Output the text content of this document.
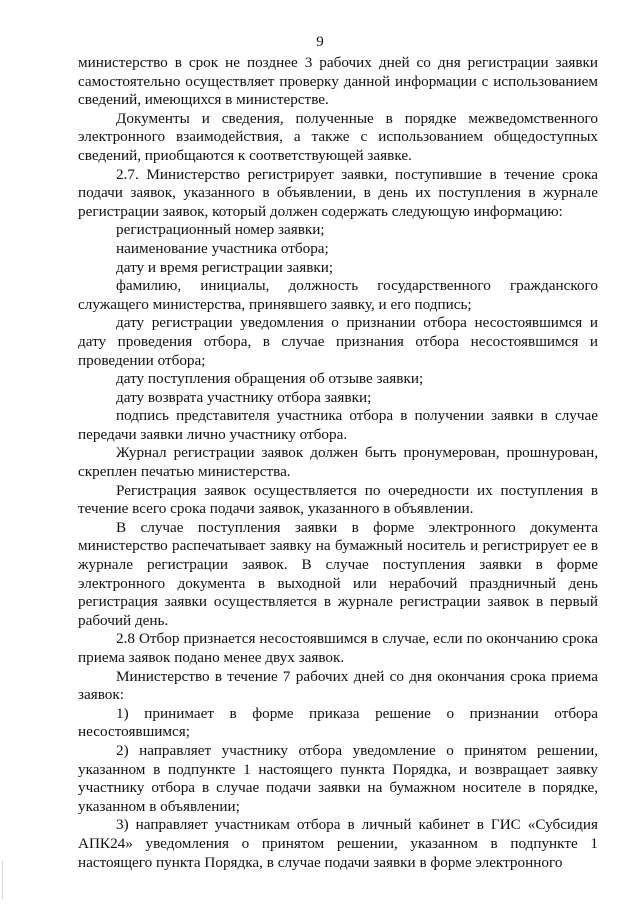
9

министерство в срок не позднее 3 рабочих дней со дня регистрации заявки самостоятельно осуществляет проверку данной информации с использованием сведений, имеющихся в министерстве.

Документы и сведения, полученные в порядке межведомственного электронного взаимодействия, а также с использованием общедоступных сведений, приобщаются к соответствующей заявке.

2.7. Министерство регистрирует заявки, поступившие в течение срока подачи заявок, указанного в объявлении, в день их поступления в журнале регистрации заявок, который должен содержать следующую информацию:

регистрационный номер заявки;

наименование участника отбора;

дату и время регистрации заявки;

фамилию, инициалы, должность государственного гражданского служащего министерства, принявшего заявку, и его подпись;

дату регистрации уведомления о признании отбора несостоявшимся и дату проведения отбора, в случае признания отбора несостоявшимся и проведении отбора;

дату поступления обращения об отзыве заявки;

дату возврата участнику отбора заявки;

подпись представителя участника отбора в получении заявки в случае передачи заявки лично участнику отбора.

Журнал регистрации заявок должен быть пронумерован, прошнурован, скреплен печатью министерства.

Регистрация заявок осуществляется по очередности их поступления в течение всего срока подачи заявок, указанного в объявлении.

В случае поступления заявки в форме электронного документа министерство распечатывает заявку на бумажный носитель и регистрирует ее в журнале регистрации заявок. В случае поступления заявки в форме электронного документа в выходной или нерабочий праздничный день регистрация заявки осуществляется в журнале регистрации заявок в первый рабочий день.

2.8 Отбор признается несостоявшимся в случае, если по окончанию срока приема заявок подано менее двух заявок.

Министерство в течение 7 рабочих дней со дня окончания срока приема заявок:

1) принимает в форме приказа решение о признании отбора несостоявшимся;

2) направляет участнику отбора уведомление о принятом решении, указанном в подпункте 1 настоящего пункта Порядка, и возвращает заявку участнику отбора в случае подачи заявки на бумажном носителе в порядке, указанном в объявлении;

3) направляет участникам отбора в личный кабинет в ГИС «Субсидия АПК24» уведомления о принятом решении, указанном в подпункте 1 настоящего пункта Порядка, в случае подачи заявки в форме электронного
